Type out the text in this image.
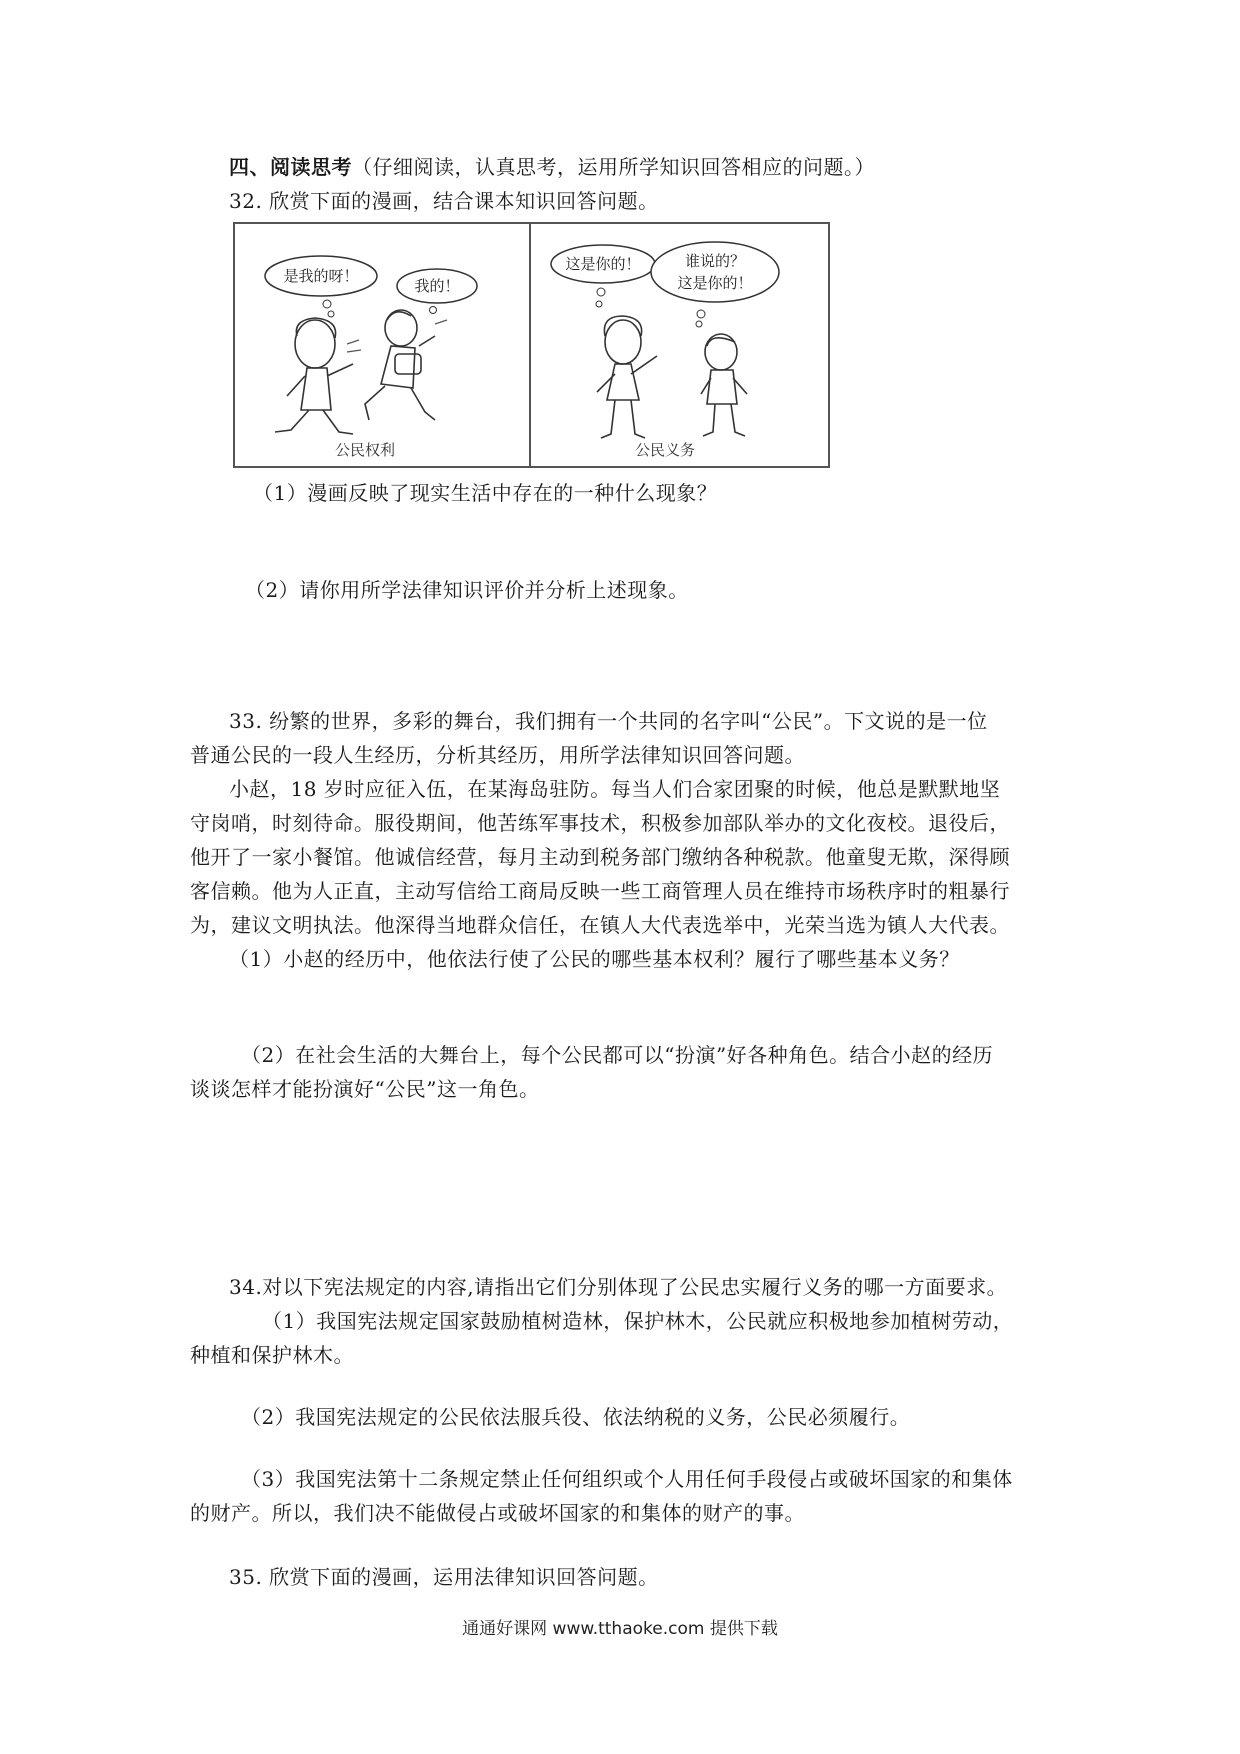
四、阅读思考（仔细阅读，认真思考，运用所学知识回答相应的问题。）
32. 欣赏下面的漫画，结合课本知识回答问题。
是我的呀！
我的！
公民权利
这是你的！	谁说的？
这是你的！
公民义务
（1）漫画反映了现实生活中存在的一种什么现象？
（2）请你用所学法律知识评价并分析上述现象。
33. 纷繁的世界，多彩的舞台，我们拥有一个共同的名字叫“公民”。下文说的是一位
普通公民的一段人生经历，分析其经历，用所学法律知识回答问题。
小赵，18 岁时应征入伍，在某海岛驻防。每当人们合家团聚的时候，他总是默默地坚
守岗哨，时刻待命。服役期间，他苦练军事技术，积极参加部队举办的文化夜校。退役后，
他开了一家小餐馆。他诚信经营，每月主动到税务部门缴纳各种税款。他童叟无欺，深得顾
客信赖。他为人正直，主动写信给工商局反映一些工商管理人员在维持市场秩序时的粗暴行
为，建议文明执法。他深得当地群众信任，在镇人大代表选举中，光荣当选为镇人大代表。
（1）小赵的经历中，他依法行使了公民的哪些基本权利？履行了哪些基本义务？
（2）在社会生活的大舞台上，每个公民都可以“扮演”好各种角色。结合小赵的经历
谈谈怎样才能扮演好“公民”这一角色。
34.对以下宪法规定的内容,请指出它们分别体现了公民忠实履行义务的哪一方面要求。
（1）我国宪法规定国家鼓励植树造林，保护林木，公民就应积极地参加植树劳动，
种植和保护林木。
（2）我国宪法规定的公民依法服兵役、依法纳税的义务，公民必须履行。
（3）我国宪法第十二条规定禁止任何组织或个人用任何手段侵占或破坏国家的和集体
的财产。所以，我们决不能做侵占或破坏国家的和集体的财产的事。
35. 欣赏下面的漫画，运用法律知识回答问题。
通通好课网 www.tthaoke.com 提供下载
